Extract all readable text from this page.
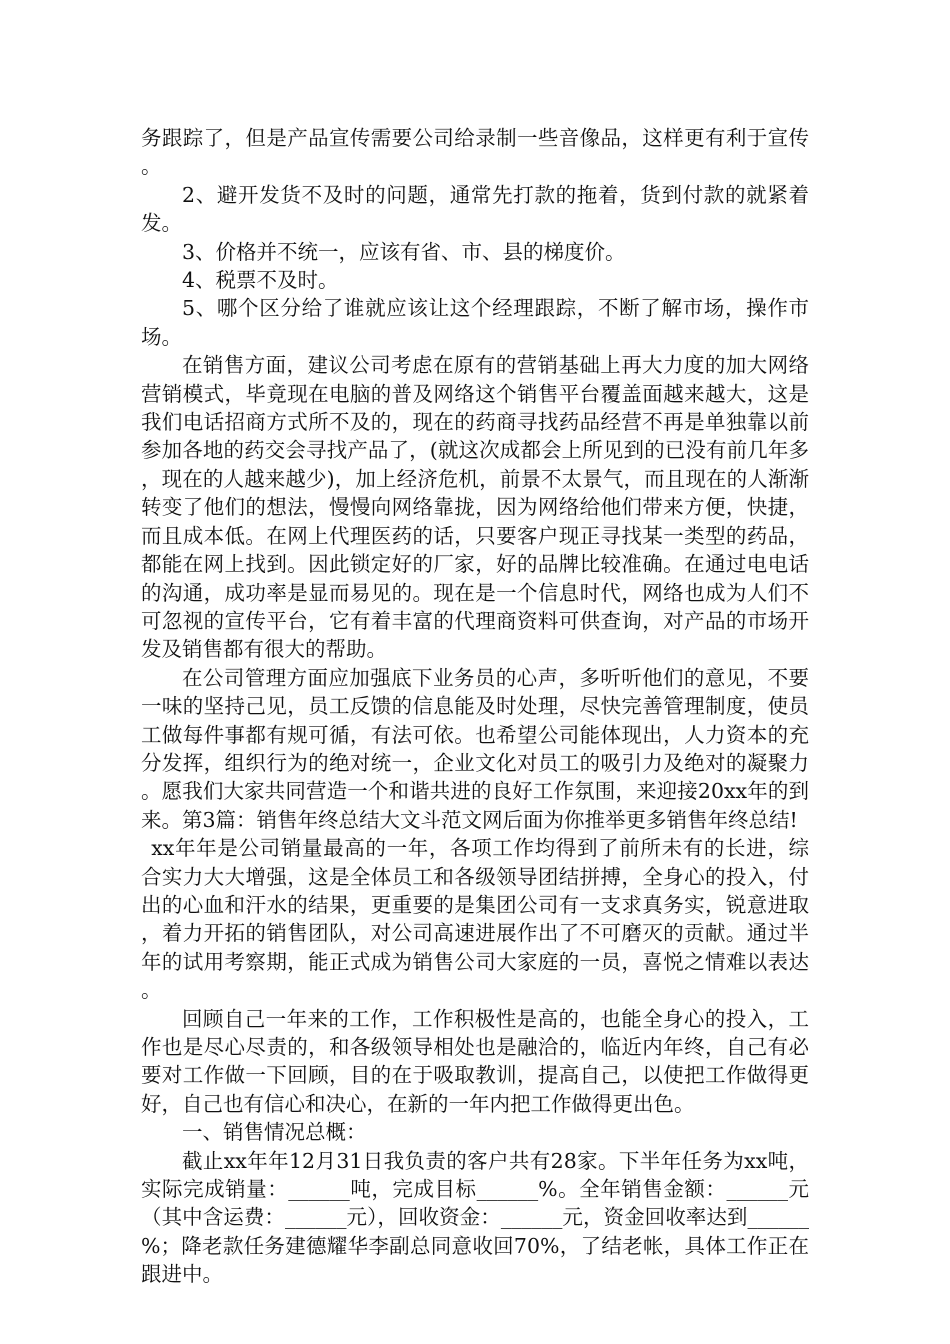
务跟踪了，但是产品宣传需要公司给录制一些音像品，这样更有利于宣传。

2、避开发货不及时的问题，通常先打款的拖着，货到付款的就紧着发。

3、价格并不统一，应该有省、市、县的梯度价。

4、税票不及时。

5、哪个区分给了谁就应该让这个经理跟踪，不断了解市场，操作市场。

在销售方面，建议公司考虑在原有的营销基础上再大力度的加大网络营销模式，毕竟现在电脑的普及网络这个销售平台覆盖面越来越大，这是我们电话招商方式所不及的，现在的药商寻找药品经营不再是单独靠以前参加各地的药交会寻找产品了，(就这次成都会上所见到的已没有前几年多，现在的人越来越少)，加上经济危机，前景不太景气，而且现在的人渐渐转变了他们的想法，慢慢向网络靠拢，因为网络给他们带来方便，快捷，而且成本低。在网上代理医药的话，只要客户现正寻找某一类型的药品，都能在网上找到。因此锁定好的厂家，好的品牌比较准确。在通过电电话的沟通，成功率是显而易见的。现在是一个信息时代，网络也成为人们不可忽视的宣传平台，它有着丰富的代理商资料可供查询，对产品的市场开发及销售都有很大的帮助。

在公司管理方面应加强底下业务员的心声，多听听他们的意见，不要一味的坚持己见，员工反馈的信息能及时处理，尽快完善管理制度，使员工做每件事都有规可循，有法可依。也希望公司能体现出，人力资本的充分发挥，组织行为的绝对统一，企业文化对员工的吸引力及绝对的凝聚力。愿我们大家共同营造一个和谐共进的良好工作氛围，来迎接20xx年的到来。第3篇：销售年终总结大文斗范文网后面为你推举更多销售年终总结!

xx年年是公司销量最高的一年，各项工作均得到了前所未有的长进，综合实力大大增强，这是全体员工和各级领导团结拼搏，全身心的投入，付出的心血和汗水的结果，更重要的是集团公司有一支求真务实，锐意进取，着力开拓的销售团队，对公司高速进展作出了不可磨灭的贡献。通过半年的试用考察期，能正式成为销售公司大家庭的一员，喜悦之情难以表达。

回顾自己一年来的工作，工作积极性是高的，也能全身心的投入，工作也是尽心尽责的，和各级领导相处也是融洽的，临近内年终，自己有必要对工作做一下回顾，目的在于吸取教训，提高自己，以使把工作做得更好，自己也有信心和决心，在新的一年内把工作做得更出色。

一、销售情况总概：

截止xx年年12月31日我负责的客户共有28家。下半年任务为xx吨，实际完成销量：______吨，完成目标______%。全年销售金额：______元（其中含运费：______元），回收资金：______元，资金回收率达到______%；降老款任务建德耀华李副总同意收回70%，了结老帐，具体工作正在跟进中。
